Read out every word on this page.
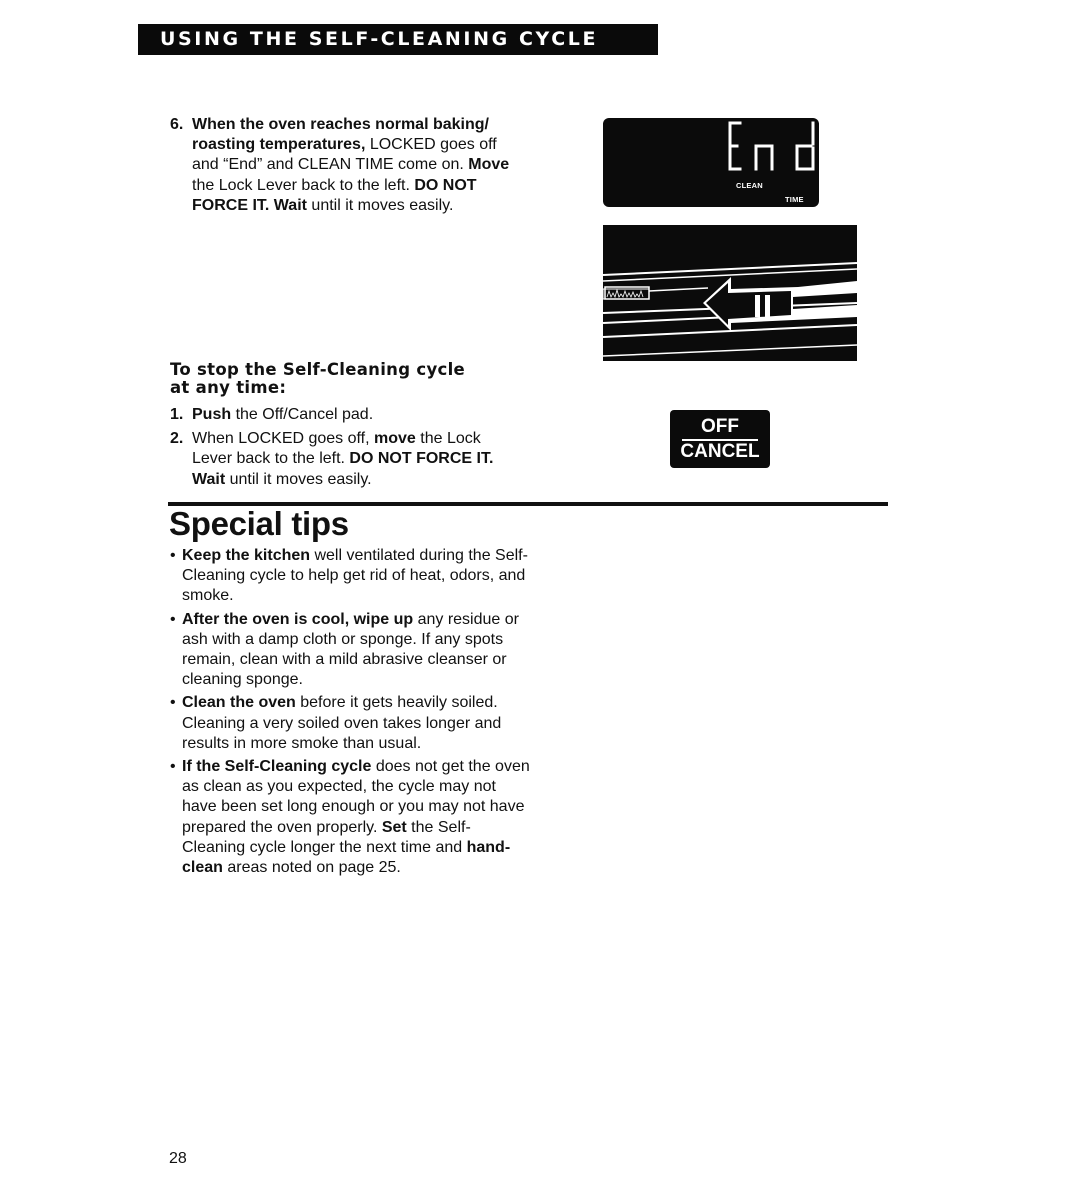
USING THE SELF-CLEANING CYCLE
6. When the oven reaches normal baking/ roasting temperatures, LOCKED goes off and “End” and CLEAN TIME come on. Move the Lock Lever back to the left. DO NOT FORCE IT. Wait until it moves easily.
CLEAN
TIME
To stop the Self-Cleaning cycle at any time:
1. Push the Off/Cancel pad.
2. When LOCKED goes off, move the Lock Lever back to the left. DO NOT FORCE IT. Wait until it moves easily.
OFF
CANCEL
Special tips
• Keep the kitchen well ventilated during the Self-Cleaning cycle to help get rid of heat, odors, and smoke.
• After the oven is cool, wipe up any residue or ash with a damp cloth or sponge. If any spots remain, clean with a mild abrasive cleanser or cleaning sponge.
• Clean the oven before it gets heavily soiled. Cleaning a very soiled oven takes longer and results in more smoke than usual.
• If the Self-Cleaning cycle does not get the oven as clean as you expected, the cycle may not have been set long enough or you may not have prepared the oven properly. Set the Self-Cleaning cycle longer the next time and hand-clean areas noted on page 25.
28
